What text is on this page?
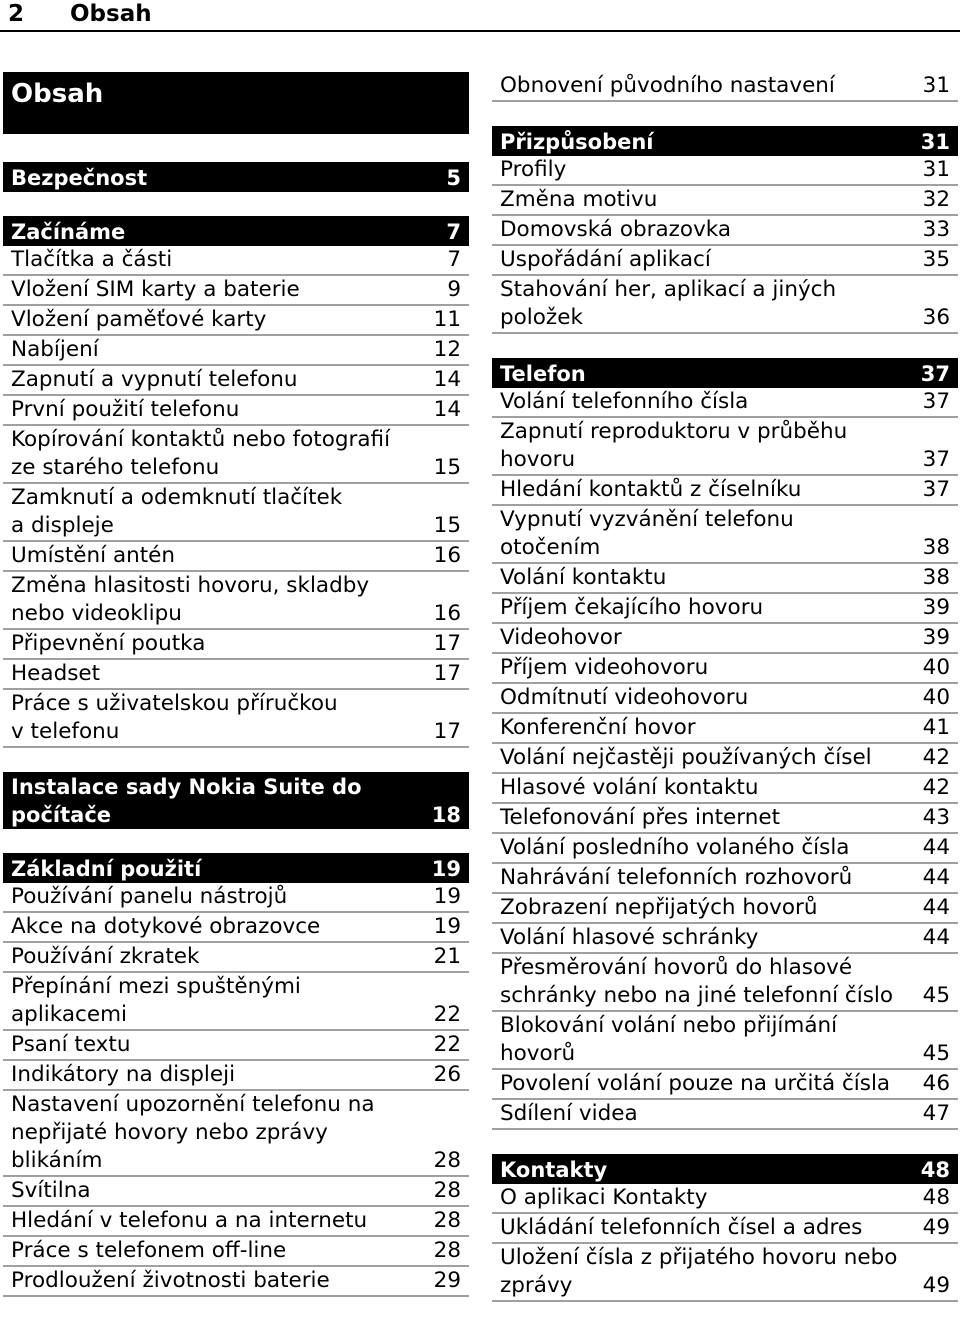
2 Obsah
Obsah
Bezpečnost	5
Začínáme	7
Tlačítka a části	7
Vložení SIM karty a baterie	9
Vložení paměťové karty	11
Nabíjení	12
Zapnutí a vypnutí telefonu	14
První použití telefonu	14
Kopírování kontaktů nebo fotografií
ze starého telefonu	15
Zamknutí a odemknutí tlačítek
a displeje	15
Umístění antén	16
Změna hlasitosti hovoru, skladby
nebo videoklipu	16
Připevnění poutka	17
Headset	17
Práce s uživatelskou příručkou
v telefonu	17
Instalace sady Nokia Suite do
počítače	18
Základní použití	19
Používání panelu nástrojů	19
Akce na dotykové obrazovce	19
Používání zkratek	21
Přepínání mezi spuštěnými
aplikacemi	22
Psaní textu	22
Indikátory na displeji	26
Nastavení upozornění telefonu na
nepřijaté hovory nebo zprávy
blikáním	28
Svítilna	28
Hledání v telefonu a na internetu	28
Práce s telefonem off-line	28
Prodloužení životnosti baterie	29
Obnovení původního nastavení	31
Přizpůsobení	31
Profily	31
Změna motivu	32
Domovská obrazovka	33
Uspořádání aplikací	35
Stahování her, aplikací a jiných
položek	36
Telefon	37
Volání telefonního čísla	37
Zapnutí reproduktoru v průběhu
hovoru	37
Hledání kontaktů z číselníku	37
Vypnutí vyzvánění telefonu
otočením	38
Volání kontaktu	38
Příjem čekajícího hovoru	39
Videohovor	39
Příjem videohovoru	40
Odmítnutí videohovoru	40
Konferenční hovor	41
Volání nejčastěji používaných čísel	42
Hlasové volání kontaktu	42
Telefonování přes internet	43
Volání posledního volaného čísla	44
Nahrávání telefonních rozhovorů	44
Zobrazení nepřijatých hovorů	44
Volání hlasové schránky	44
Přesměrování hovorů do hlasové
schránky nebo na jiné telefonní číslo	45
Blokování volání nebo přijímání
hovorů	45
Povolení volání pouze na určitá čísla	46
Sdílení videa	47
Kontakty	48
O aplikaci Kontakty	48
Ukládání telefonních čísel a adres	49
Uložení čísla z přijatého hovoru nebo
zprávy	49
